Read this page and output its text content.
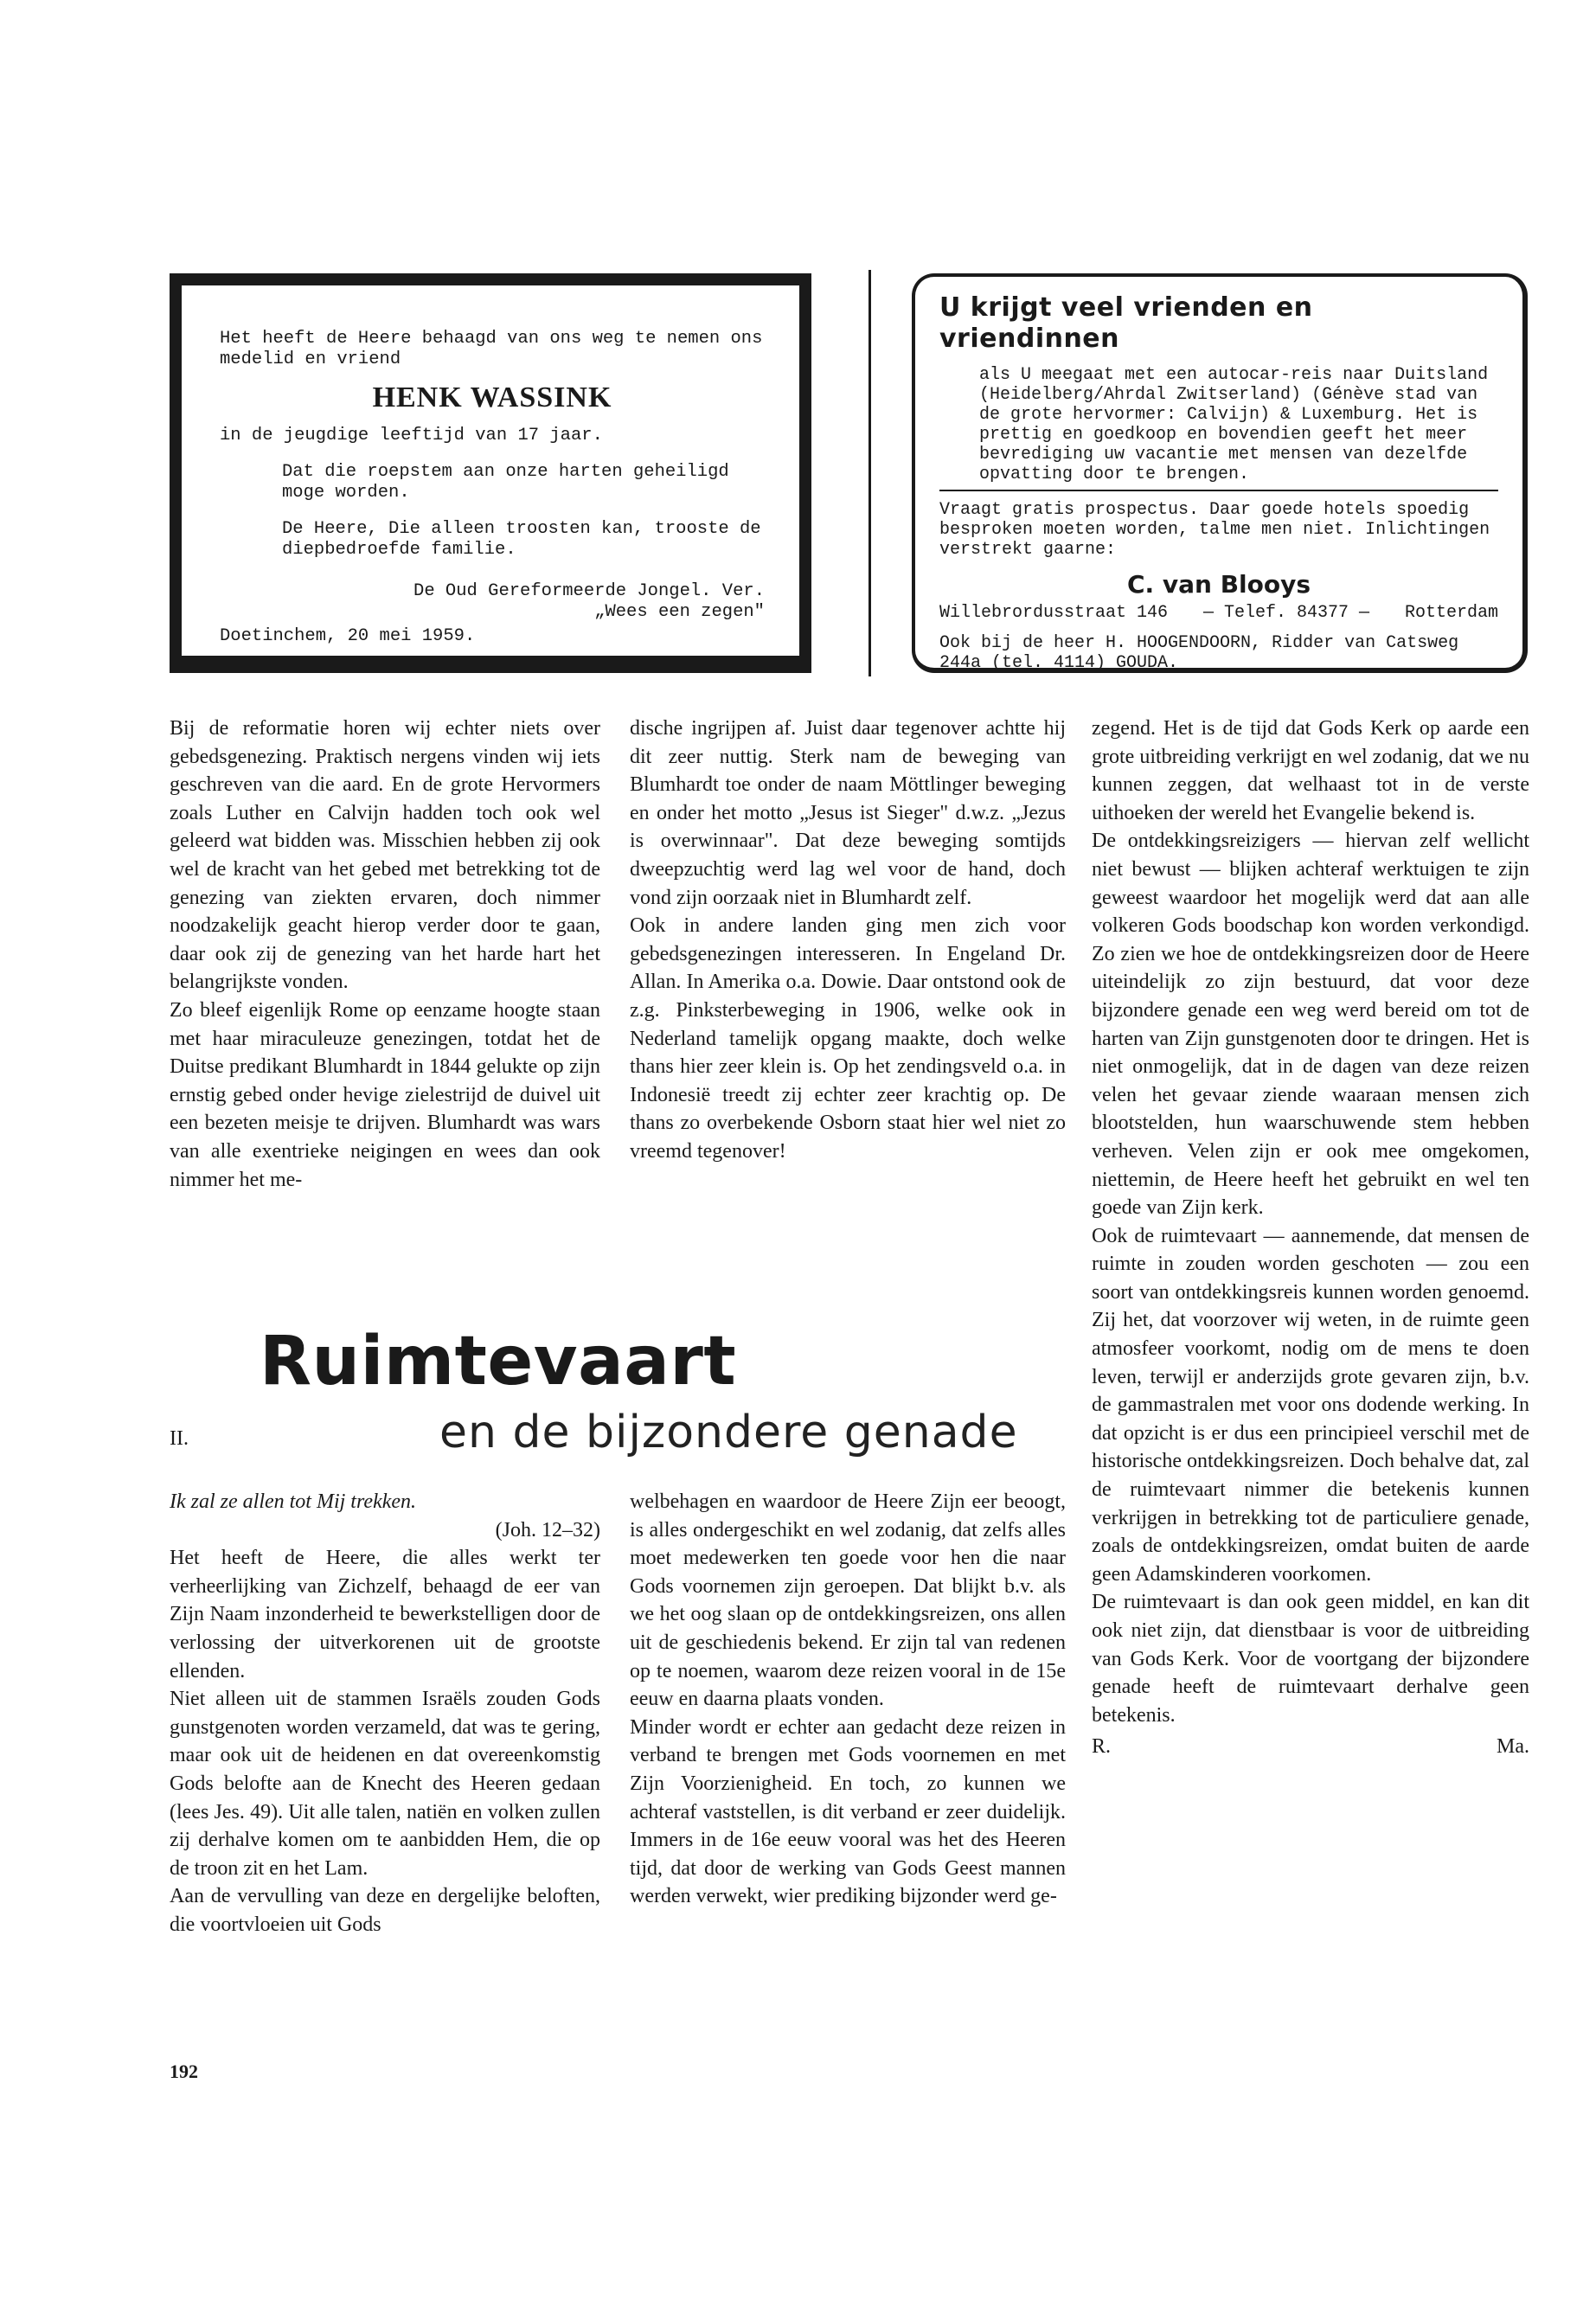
Het heeft de Heere behaagd van ons weg te nemen ons medelid en vriend

HENK WASSINK

in de jeugdige leeftijd van 17 jaar.

Dat die roepstem aan onze harten geheiligd moge worden.

De Heere, Die alleen troosten kan, trooste de diepbedroefde familie.

De Oud Gereformeerde Jongel. Ver.

„Wees een zegen"

Doetinchem, 20 mei 1959.

U krijgt veel vrienden en vriendinnen

als U meegaat met een autocar-reis naar Duitsland (Heidelberg/Ahrdal Zwitserland) (Génève stad van de grote hervormer: Calvijn) & Luxemburg. Het is prettig en goedkoop en bovendien geeft het meer bevrediging uw vacantie met mensen van dezelfde opvatting door te brengen.

Vraagt gratis prospectus. Daar goede hotels spoedig besproken moeten worden, talme men niet. Inlichtingen verstrekt gaarne:

C. van Blooys

Willebrordusstraat 146 — Telef. 84377 — Rotterdam

Ook bij de heer H. HOOGENDOORN, Ridder van Catsweg 244a (tel. 4114) GOUDA.

Bij de reformatie horen wij echter niets over gebedsgenezing. Praktisch nergens vinden wij iets geschreven van die aard. En de grote Hervormers zoals Luther en Calvijn hadden toch ook wel geleerd wat bidden was. Misschien hebben zij ook wel de kracht van het gebed met betrekking tot de genezing van ziekten ervaren, doch nimmer noodzakelijk geacht hierop verder door te gaan, daar ook zij de genezing van het harde hart het belangrijkste vonden.

Zo bleef eigenlijk Rome op eenzame hoogte staan met haar miraculeuze genezingen, totdat het de Duitse predikant Blumhardt in 1844 gelukte op zijn ernstig gebed onder hevige zielestrijd de duivel uit een bezeten meisje te drijven. Blumhardt was wars van alle exentrieke neigingen en wees dan ook nimmer het me-

dische ingrijpen af. Juist daar tegenover achtte hij dit zeer nuttig. Sterk nam de beweging van Blumhardt toe onder de naam Möttlinger beweging en onder het motto „Jesus ist Sieger" d.w.z. „Jezus is overwinnaar". Dat deze beweging somtijds dweepzuchtig werd lag wel voor de hand, doch vond zijn oorzaak niet in Blumhardt zelf.

Ook in andere landen ging men zich voor gebedsgenezingen interesseren. In Engeland Dr. Allan. In Amerika o.a. Dowie. Daar ontstond ook de z.g. Pinksterbeweging in 1906, welke ook in Nederland tamelijk opgang maakte, doch welke thans hier zeer klein is. Op het zendingsveld o.a. in Indonesië treedt zij echter zeer krachtig op. De thans zo overbekende Osborn staat hier wel niet zo vreemd tegenover!

zegend. Het is de tijd dat Gods Kerk op aarde een grote uitbreiding verkrijgt en wel zodanig, dat we nu kunnen zeggen, dat welhaast tot in de verste uithoeken der wereld het Evangelie bekend is.

De ontdekkingsreizigers — hiervan zelf wellicht niet bewust — blijken achteraf werktuigen te zijn geweest waardoor het mogelijk werd dat aan alle volkeren Gods boodschap kon worden verkondigd. Zo zien we hoe de ontdekkingsreizen door de Heere uiteindelijk zo zijn bestuurd, dat voor deze bijzondere genade een weg werd bereid om tot de harten van Zijn gunstgenoten door te dringen. Het is niet onmogelijk, dat in de dagen van deze reizen velen het gevaar ziende waaraan mensen zich blootstelden, hun waarschuwende stem hebben verheven. Velen zijn er ook mee omgekomen, niettemin, de Heere heeft het gebruikt en wel ten goede van Zijn kerk.

Ook de ruimtevaart — aannemende, dat mensen de ruimte in zouden worden geschoten — zou een soort van ontdekkingsreis kunnen worden genoemd. Zij het, dat voorzover wij weten, in de ruimte geen atmosfeer voorkomt, nodig om de mens te doen leven, terwijl er anderzijds grote gevaren zijn, b.v. de gammastralen met voor ons dodende werking. In dat opzicht is er dus een principieel verschil met de historische ontdekkingsreizen. Doch behalve dat, zal de ruimtevaart nimmer die betekenis kunnen verkrijgen in betrekking tot de particuliere genade, zoals de ontdekkingsreizen, omdat buiten de aarde geen Adamskinderen voorkomen.

De ruimtevaart is dan ook geen middel, en kan dit ook niet zijn, dat dienstbaar is voor de uitbreiding van Gods Kerk. Voor de voortgang der bijzondere genade heeft de ruimtevaart derhalve geen betekenis.

R.	Ma.

II.

Ruimtevaart
en de bijzondere genade

Ik zal ze allen tot Mij trekken.

(Joh. 12–32)

Het heeft de Heere, die alles werkt ter verheerlijking van Zichzelf, behaagd de eer van Zijn Naam inzonderheid te bewerkstelligen door de verlossing der uitverkorenen uit de grootste ellenden.

Niet alleen uit de stammen Israëls zouden Gods gunstgenoten worden verzameld, dat was te gering, maar ook uit de heidenen en dat overeenkomstig Gods belofte aan de Knecht des Heeren gedaan (lees Jes. 49). Uit alle talen, natiën en volken zullen zij derhalve komen om te aanbidden Hem, die op de troon zit en het Lam.

Aan de vervulling van deze en dergelijke beloften, die voortvloeien uit Gods

welbehagen en waardoor de Heere Zijn eer beoogt, is alles ondergeschikt en wel zodanig, dat zelfs alles moet medewerken ten goede voor hen die naar Gods voornemen zijn geroepen. Dat blijkt b.v. als we het oog slaan op de ontdekkingsreizen, ons allen uit de geschiedenis bekend. Er zijn tal van redenen op te noemen, waarom deze reizen vooral in de 15e eeuw en daarna plaats vonden.

Minder wordt er echter aan gedacht deze reizen in verband te brengen met Gods voornemen en met Zijn Voorzienigheid. En toch, zo kunnen we achteraf vaststellen, is dit verband er zeer duidelijk. Immers in de 16e eeuw vooral was het des Heeren tijd, dat door de werking van Gods Geest mannen werden verwekt, wier prediking bijzonder werd ge-

192
